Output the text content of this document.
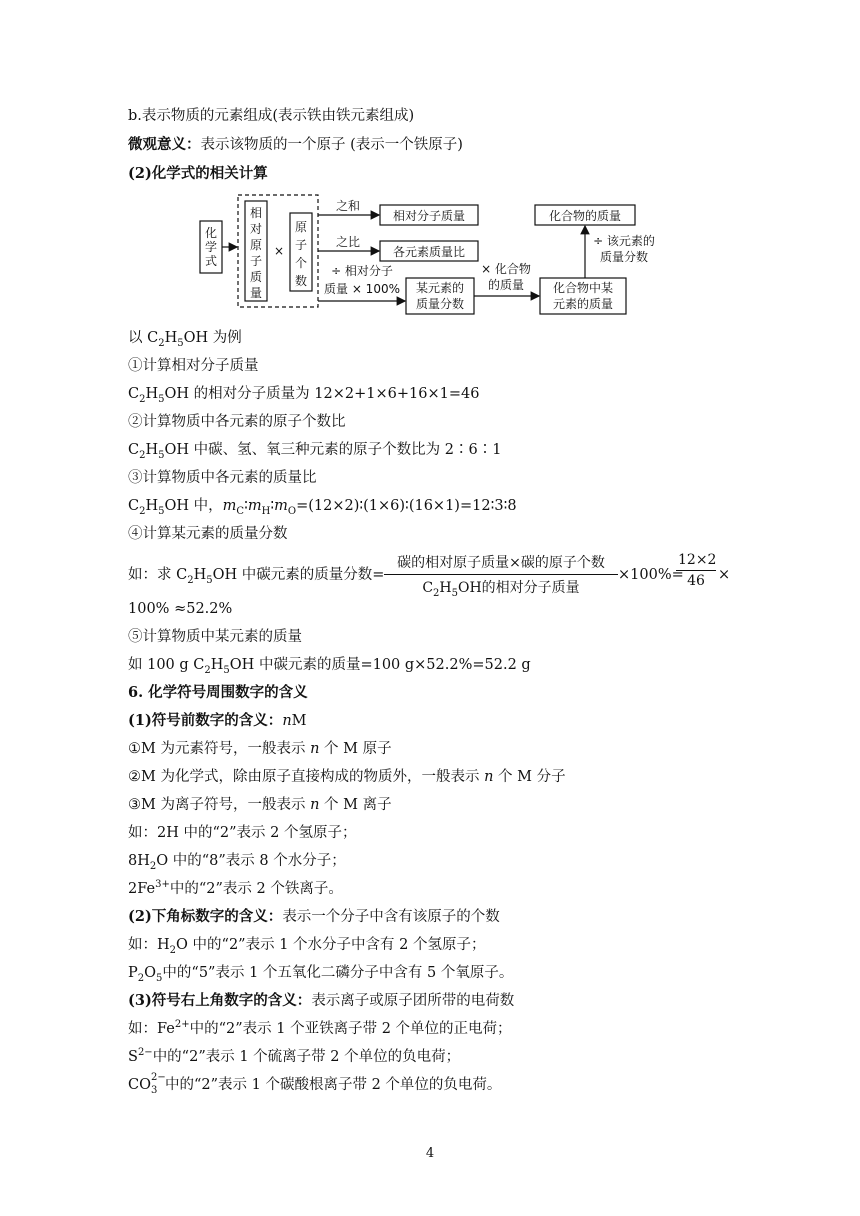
b.表示物质的元素组成(表示铁由铁元素组成)
微观意义：表示该物质的一个原子 (表示一个铁原子)
(2)化学式的相关计算
化
学
式
相
对
原
子
质
量
×
原
子
个
数
之和
之比
相对分子质量
各元素质量比
÷ 相对分子
质量 × 100% 某元素的
质量分数
× 化合物
的质量 化合物中某
元素的质量
化合物的质量
÷ 该元素的
质量分数
以 $C_2H_5OH$ 为例
①计算相对分子质量
$C_2H_5OH$ 的相对分子质量为 12×2+1×6+16×1=46
②计算物质中各元素的原子个数比
$C_2H_5OH$ 中碳、氢、氧三种元素的原子个数比为 2∶6∶1
③计算物质中各元素的质量比
$C_2H_5OH$ 中，$m_C∶m_H∶m_O=(12\times 2)∶(1\times 6)∶(16\times 1)=12∶3∶8$
④计算某元素的质量分数
如：求 $C_2H_5OH$ 中碳元素的质量分数=
碳的相对原子质量×碳的原子个数
$C_2H_5OH$的相对分子质量
×100%=
12×2
46 ×
100% ≈52.2%
⑤计算物质中某元素的质量
如 100 g $C_2H_5OH$ 中碳元素的质量=100 g×52.2%=52.2 g
6. 化学符号周围数字的含义
(1)符号前数字的含义：nM
①M 为元素符号，一般表示 n 个 M 原子
②M 为化学式，除由原子直接构成的物质外，一般表示 n 个 M 分子
③M 为离子符号，一般表示 n 个 M 离子
如：2H 中的“2”表示 2 个氢原子；
$8H_2O$ 中的“8”表示 8 个水分子；
$2Fe^{3+}$中的“2”表示 2 个铁离子。
(2)下角标数字的含义：表示一个分子中含有该原子的个数
如：$H_2O$ 中的“2”表示 1 个水分子中含有 2 个氢原子；
$P_2O_5$中的“5”表示 1 个五氧化二磷分子中含有 5 个氧原子。
(3)符号右上角数字的含义：表示离子或原子团所带的电荷数
如：$Fe^{2+}$中的“2”表示 1 个亚铁离子带 2 个单位的正电荷；
$S^{2-}$中的“2”表示 1 个硫离子带 2 个单位的负电荷；
CO 2−
3 中的“2”表示 1 个碳酸根离子带 2 个单位的负电荷。
4
